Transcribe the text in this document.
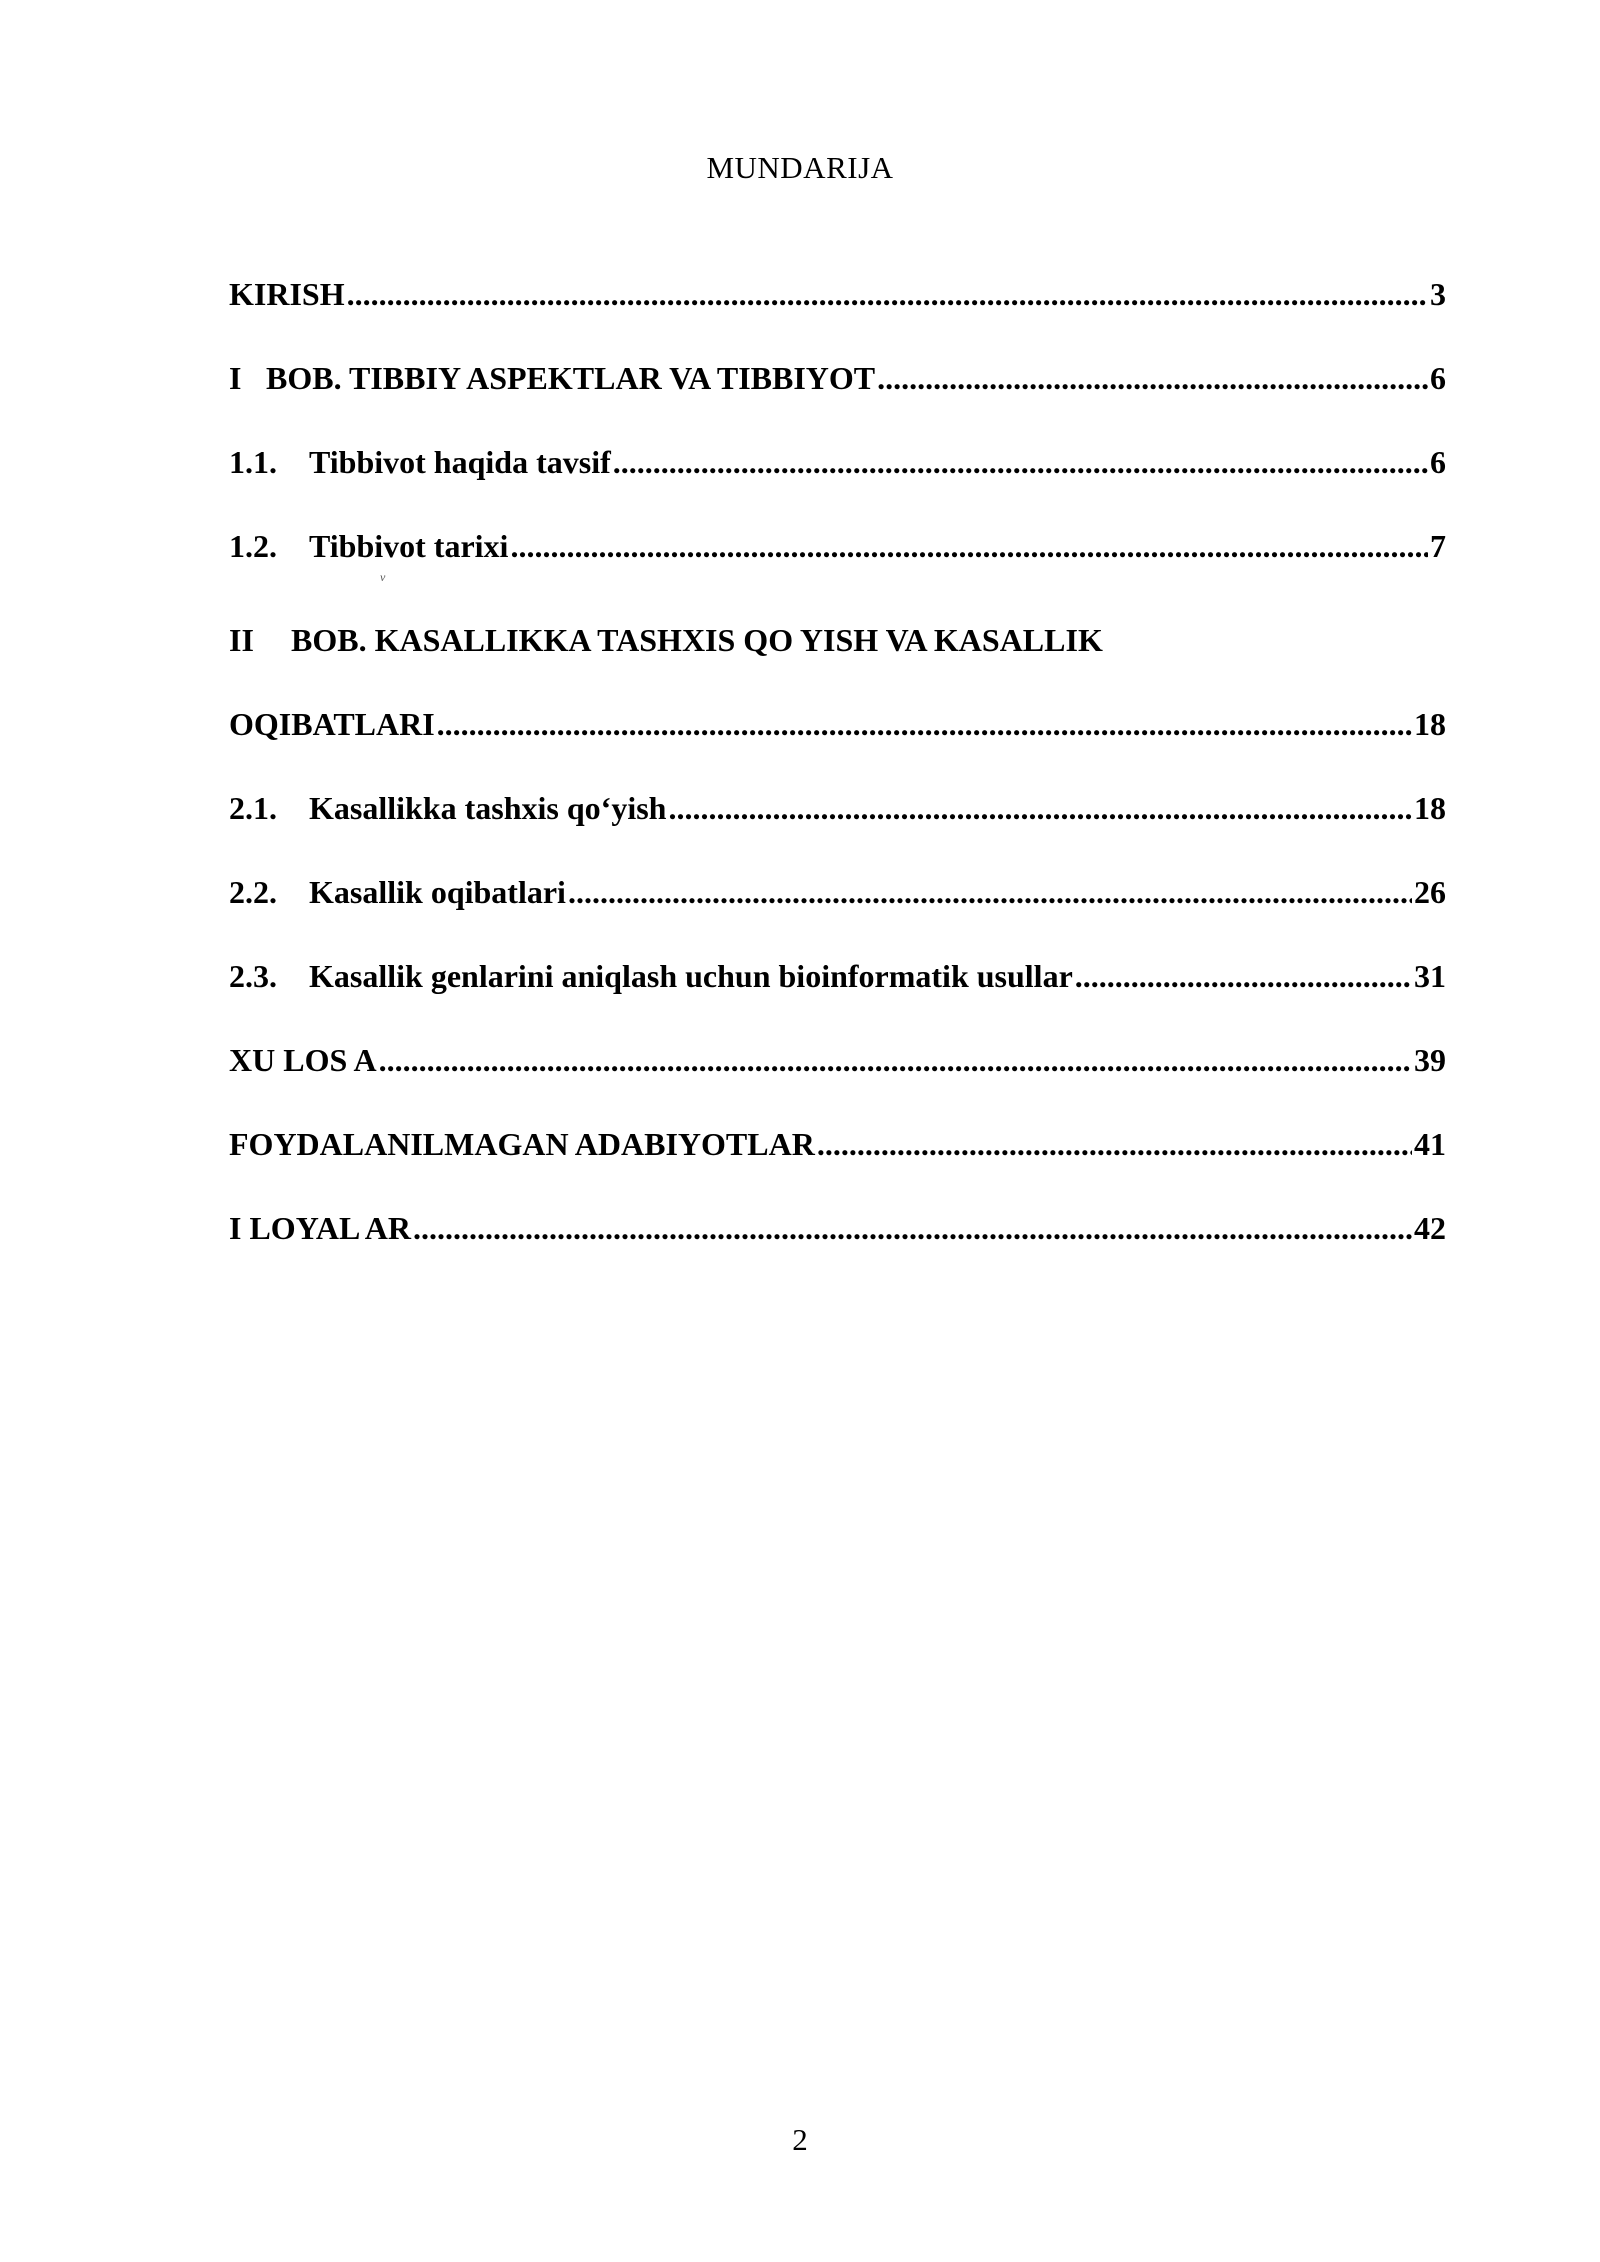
MUNDARIJA
KIRISH .....	3
I BOB. TIBBIY ASPEKTLAR VA TIBBIYOT .....	6
1.1.	Tibbivot haqida tavsif .....	6
1.2.	Tibbivot tarixi .....	7
II	BOB. KASALLIKKA TASHXIS QO YISH VA KASALLIK
OQIBATLARI .....	18
2.1.	Kasallikka tashxis qo‘yish .....	18
2.2.	Kasallik oqibatlari .....	26
2.3.	Kasallik genlarini aniqlash uchun bioinformatik usullar .....	31
XU LOS A .....	39
FOYDALANILMAGAN ADABIYOTLAR .....	41
I LOYAL AR .....	42
v
2
